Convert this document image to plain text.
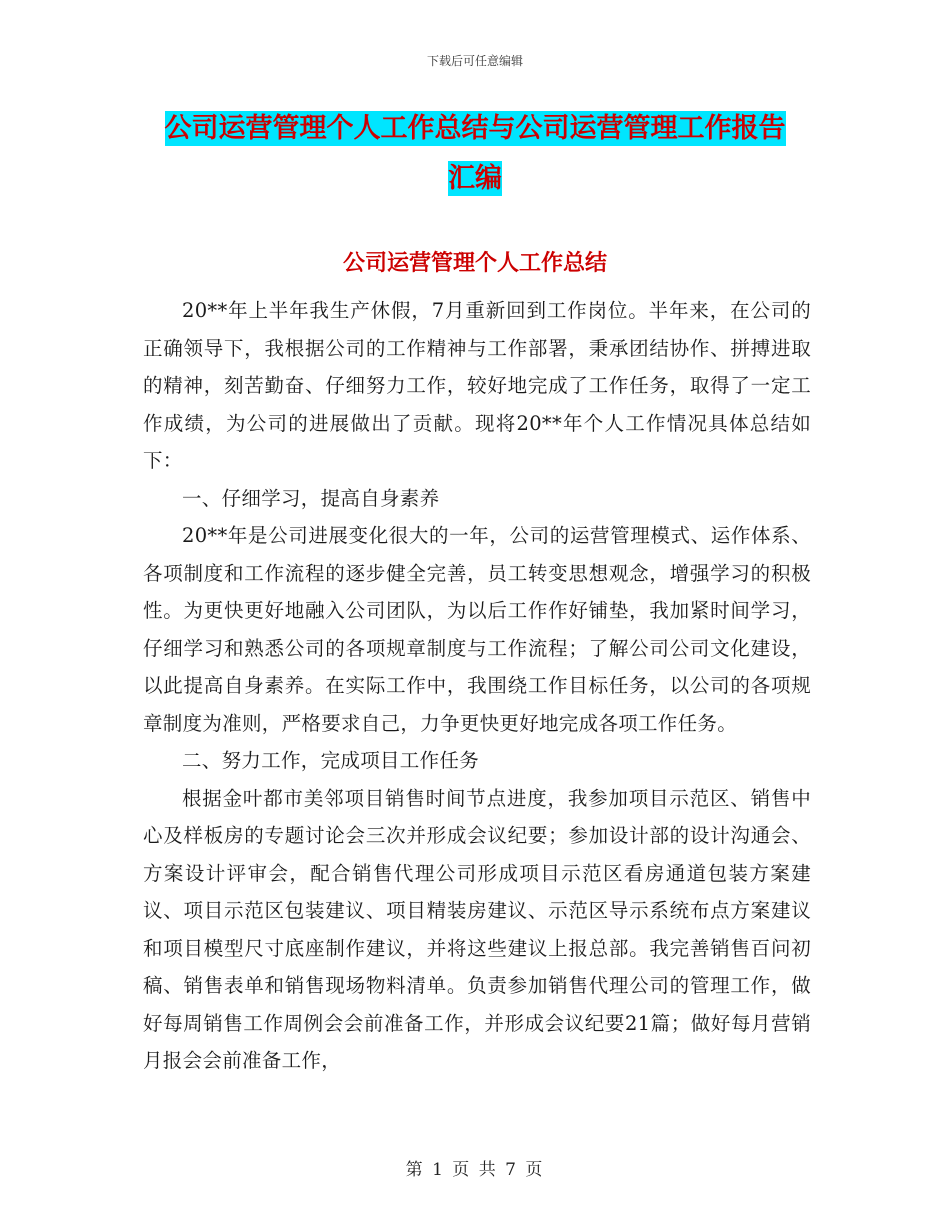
下载后可任意编辑
公司运营管理个人工作总结与公司运营管理工作报告
汇编
公司运营管理个人工作总结

20**年上半年我生产休假，7月重新回到工作岗位。半年来，在公司的正确领导下，我根据公司的工作精神与工作部署，秉承团结协作、拼搏进取的精神，刻苦勤奋、仔细努力工作，较好地完成了工作任务，取得了一定工作成绩，为公司的进展做出了贡献。现将20**年个人工作情况具体总结如下：

一、仔细学习，提高自身素养

20**年是公司进展变化很大的一年，公司的运营管理模式、运作体系、各项制度和工作流程的逐步健全完善，员工转变思想观念，增强学习的积极性。为更快更好地融入公司团队，为以后工作作好铺垫，我加紧时间学习，仔细学习和熟悉公司的各项规章制度与工作流程；了解公司公司文化建设，以此提高自身素养。在实际工作中，我围绕工作目标任务，以公司的各项规章制度为准则，严格要求自己，力争更快更好地完成各项工作任务。

二、努力工作，完成项目工作任务

根据金叶都市美邻项目销售时间节点进度，我参加项目示范区、销售中心及样板房的专题讨论会三次并形成会议纪要；参加设计部的设计沟通会、方案设计评审会，配合销售代理公司形成项目示范区看房通道包装方案建议、项目示范区包装建议、项目精装房建议、示范区导示系统布点方案建议和项目模型尺寸底座制作建议，并将这些建议上报总部。我完善销售百问初稿、销售表单和销售现场物料清单。负责参加销售代理公司的管理工作，做好每周销售工作周例会会前准备工作，并形成会议纪要21篇；做好每月营销月报会会前准备工作，

第 1 页 共 7 页
